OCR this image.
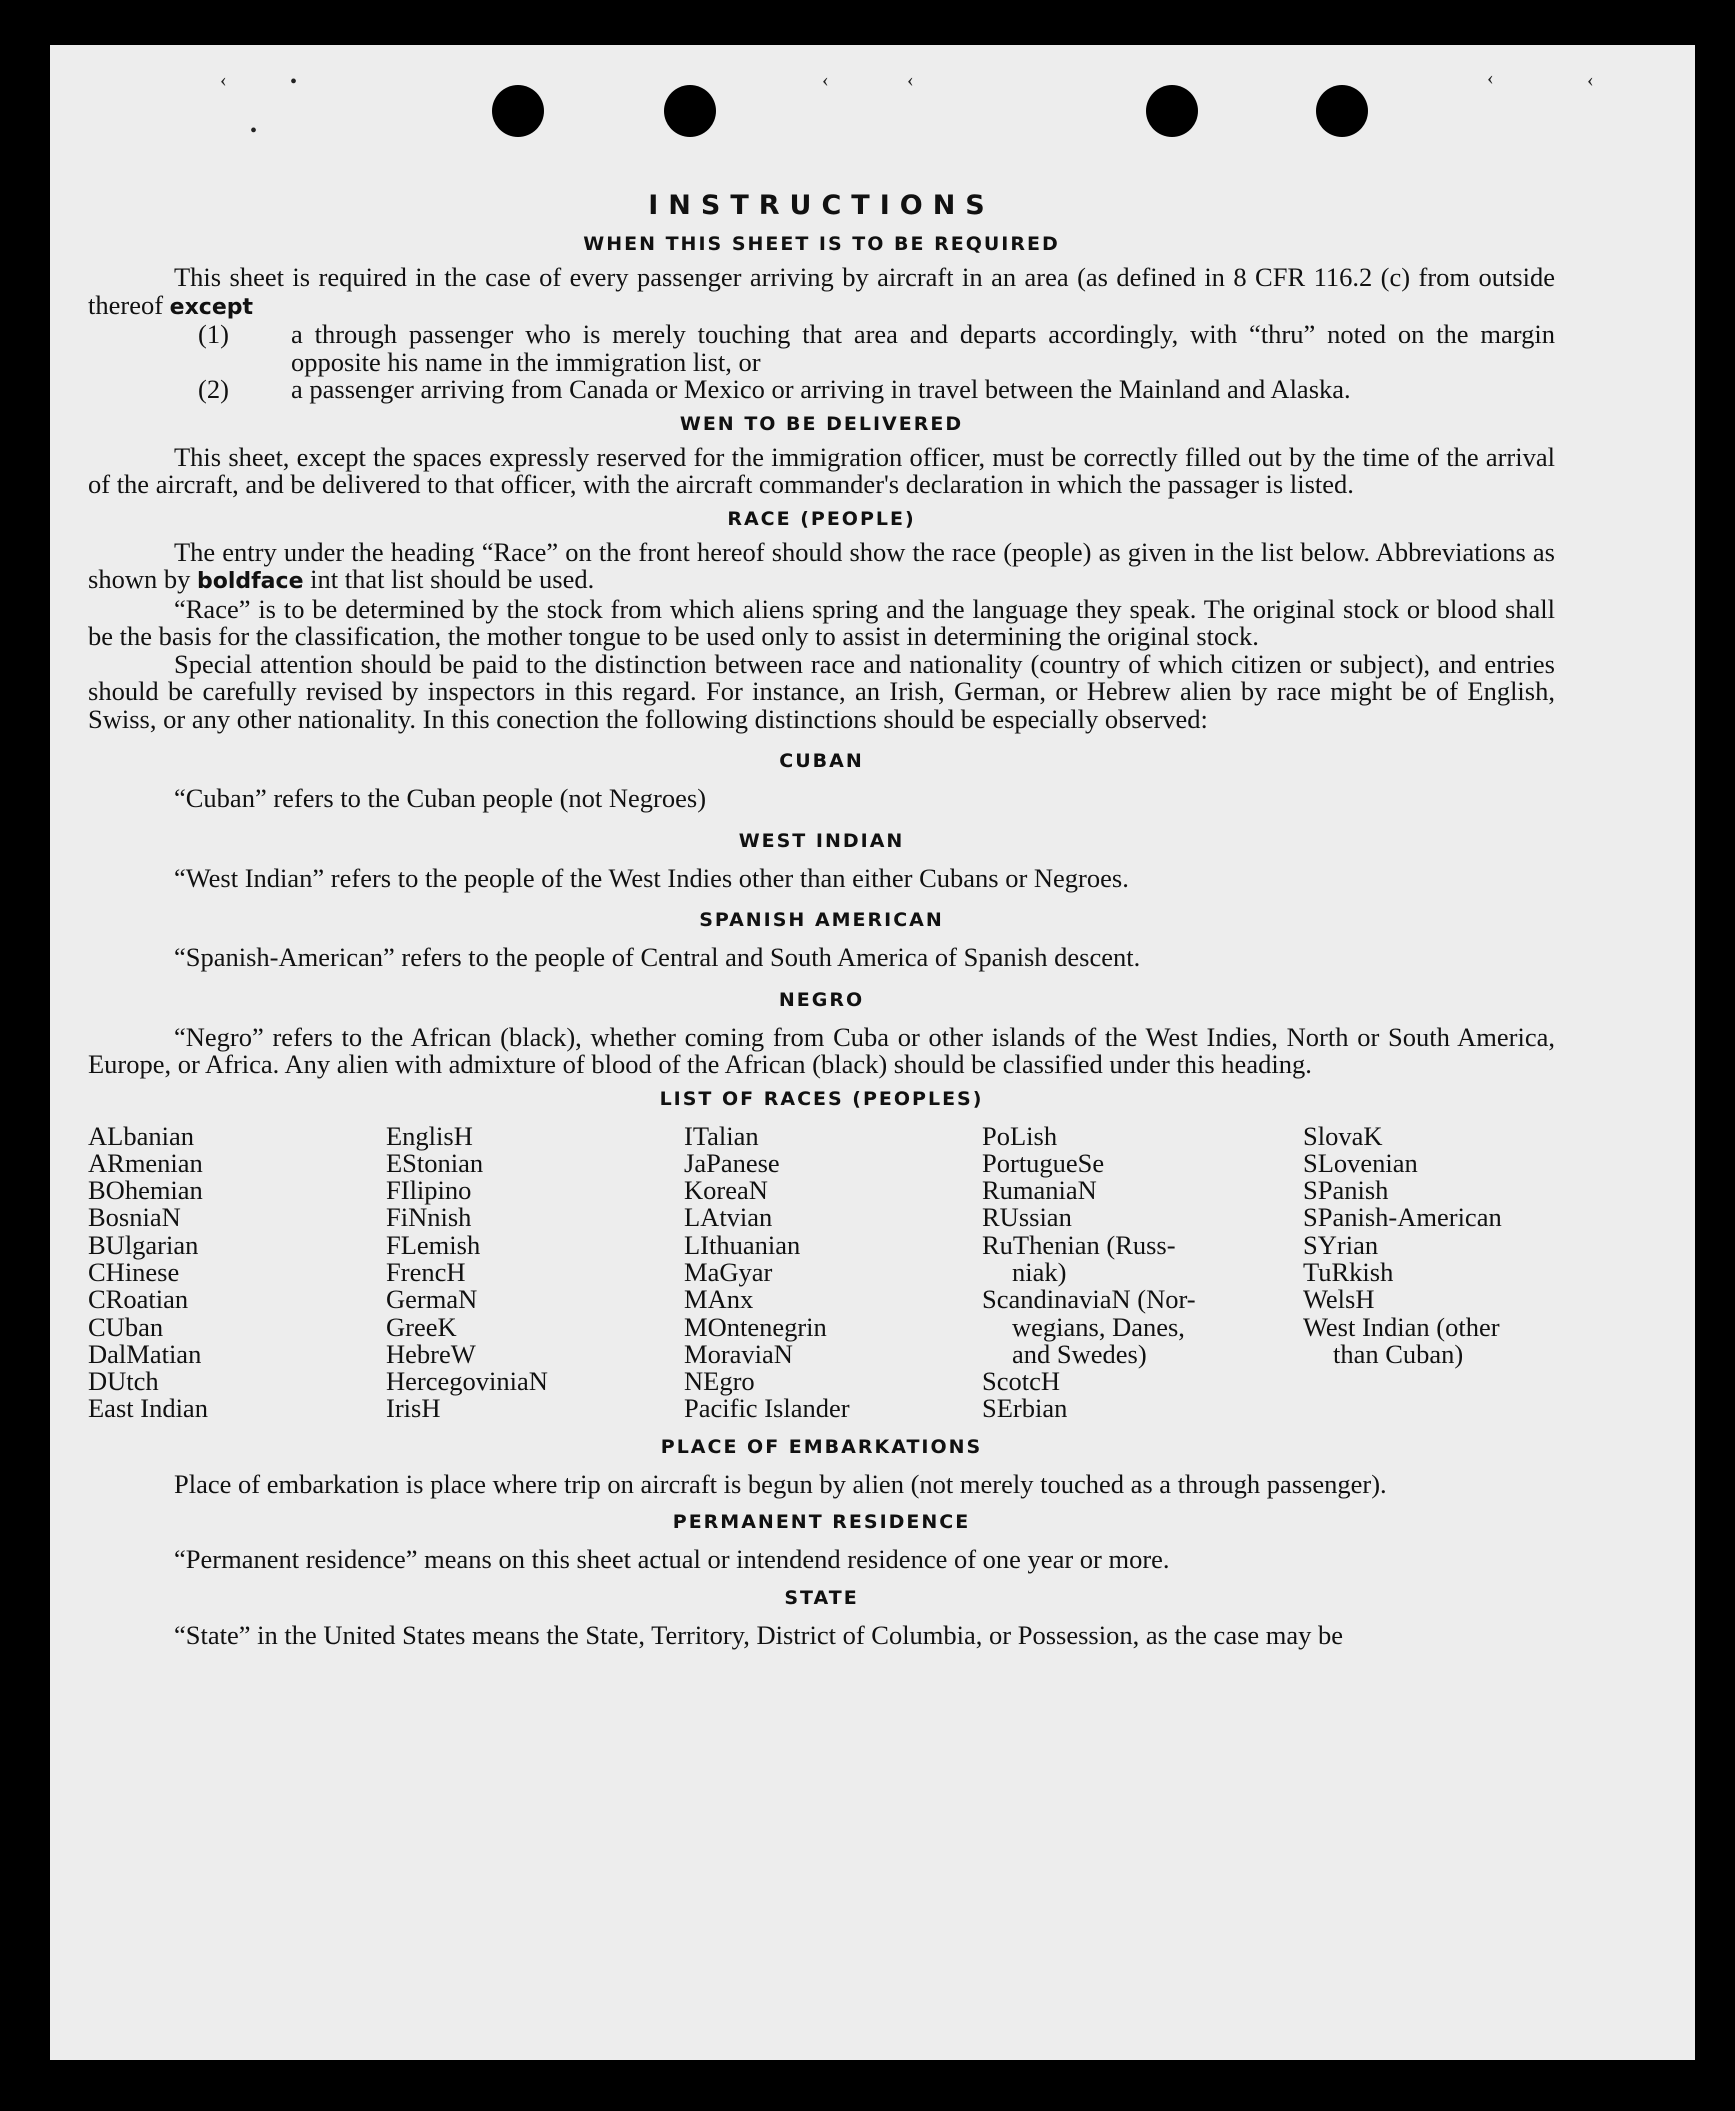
‹	•
•
‹	‹	‹	‹
INSTRUCTIONS
WHEN THIS SHEET IS TO BE REQUIRED

This sheet is required in the case of every passenger arriving by aircraft in an area (as defined in 8 CFR 116.2 (c) from outside thereof except

(1) a through passenger who is merely touching that area and departs accordingly, with “thru” noted on the margin opposite his name in the immigration list, or

(2) a passenger arriving from Canada or Mexico or arriving in travel between the Mainland and Alaska.

WEN TO BE DELIVERED

This sheet, except the spaces expressly reserved for the immigration officer, must be correctly filled out by the time of the arrival of the aircraft, and be delivered to that officer, with the aircraft commander's declaration in which the passager is listed.

RACE (PEOPLE)

The entry under the heading “Race” on the front hereof should show the race (people) as given in the list below. Abbreviations as shown by boldface int that list should be used.

“Race” is to be determined by the stock from which aliens spring and the language they speak. The original stock or blood shall be the basis for the classification, the mother tongue to be used only to assist in determining the original stock.

Special attention should be paid to the distinction between race and nationality (country of which citizen or subject), and entries should be carefully revised by inspectors in this regard. For instance, an Irish, German, or Hebrew alien by race might be of English, Swiss, or any other nationality. In this conection the following distinctions should be especially observed:

CUBAN

“Cuban” refers to the Cuban people (not Negroes)

WEST INDIAN

“West Indian” refers to the people of the West Indies other than either Cubans or Negroes.

SPANISH AMERICAN

“Spanish-American” refers to the people of Central and South America of Spanish descent.

NEGRO

“Negro” refers to the African (black), whether coming from Cuba or other islands of the West Indies, North or South America, Europe, or Africa. Any alien with admixture of blood of the African (black) should be classified under this heading.

LIST OF RACES (PEOPLES)
ALbanian
ARmenian
BOhemian
BosniaN
BUlgarian
CHinese
CRoatian
CUban
DalMatian
DUtch
East Indian
EnglisH
EStonian
FIlipino
FiNnish
FLemish
FrencH
GermaN
GreeK
HebreW
HercegoviniaN
IrisH
ITalian
JaPanese
KoreaN
LAtvian
LIthuanian
MaGyar
MAnx
MOntenegrin
MoraviaN
NEgro
Pacific Islander
PoLish
PortugueSe
RumaniaN
RUssian
RuThenian (Russ-
niak)
ScandinaviaN (Nor-
wegians, Danes,
and Swedes)
ScotcH
SErbian
SlovaK
SLovenian
SPanish
SPanish-American
SYrian
TuRkish
WelsH
West Indian (other
than Cuban)
PLACE OF EMBARKATIONS

Place of embarkation is place where trip on aircraft is begun by alien (not merely touched as a through passenger).

PERMANENT RESIDENCE

“Permanent residence” means on this sheet actual or intendend residence of one year or more.

STATE

“State” in the United States means the State, Territory, District of Columbia, or Possession, as the case may be
